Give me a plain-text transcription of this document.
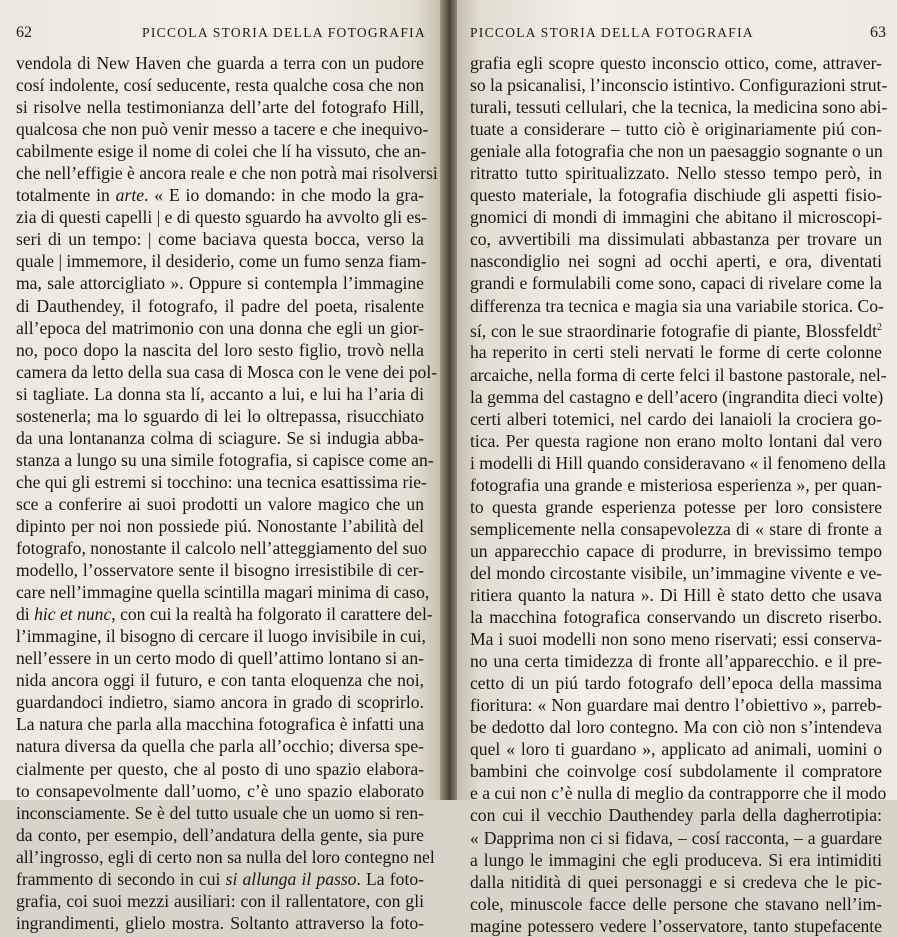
62	PICCOLA STORIA DELLA FOTOGRAFIA
vendola di New Haven che guarda a terra con un pudore
cosí indolente, cosí seducente, resta qualche cosa che non
si risolve nella testimonianza dell’arte del fotografo Hill,
qualcosa che non può venir messo a tacere e che inequivo-
cabilmente esige il nome di colei che lí ha vissuto, che an-
che nell’effigie è ancora reale e che non potrà mai risolversi
totalmente in arte. « E io domando: in che modo la gra-
zia di questi capelli | e di questo sguardo ha avvolto gli es-
seri di un tempo: | come baciava questa bocca, verso la
quale | immemore, il desiderio, come un fumo senza fiam-
ma, sale attorcigliato ». Oppure si contempla l’immagine
di Dauthendey, il fotografo, il padre del poeta, risalente
all’epoca del matrimonio con una donna che egli un gior-
no, poco dopo la nascita del loro sesto figlio, trovò nella
camera da letto della sua casa di Mosca con le vene dei pol-
si tagliate. La donna sta lí, accanto a lui, e lui ha l’aria di
sostenerla; ma lo sguardo di lei lo oltrepassa, risucchiato
da una lontananza colma di sciagure. Se si indugia abba-
stanza a lungo su una simile fotografia, si capisce come an-
che qui gli estremi si tocchino: una tecnica esattissima rie-
sce a conferire ai suoi prodotti un valore magico che un
dipinto per noi non possiede piú. Nonostante l’abilità del
fotografo, nonostante il calcolo nell’atteggiamento del suo
modello, l’osservatore sente il bisogno irresistibile di cer-
care nell’immagine quella scintilla magari minima di caso,
di hic et nunc, con cui la realtà ha folgorato il carattere del-
l’immagine, il bisogno di cercare il luogo invisibile in cui,
nell’essere in un certo modo di quell’attimo lontano si an-
nida ancora oggi il futuro, e con tanta eloquenza che noi,
guardandoci indietro, siamo ancora in grado di scoprirlo.
La natura che parla alla macchina fotografica è infatti una
natura diversa da quella che parla all’occhio; diversa spe-
cialmente per questo, che al posto di uno spazio elabora-
to consapevolmente dall’uomo, c’è uno spazio elaborato
inconsciamente. Se è del tutto usuale che un uomo si ren-
da conto, per esempio, dell’andatura della gente, sia pure
all’ingrosso, egli di certo non sa nulla del loro contegno nel
frammento di secondo in cui si allunga il passo. La foto-
grafia, coi suoi mezzi ausiliari: con il rallentatore, con gli
ingrandimenti, glielo mostra. Soltanto attraverso la foto-
PICCOLA STORIA DELLA FOTOGRAFIA	63
grafia egli scopre questo inconscio ottico, come, attraver-
so la psicanalisi, l’inconscio istintivo. Configurazioni strut-
turali, tessuti cellulari, che la tecnica, la medicina sono abi-
tuate a considerare – tutto ciò è originariamente piú con-
geniale alla fotografia che non un paesaggio sognante o un
ritratto tutto spiritualizzato. Nello stesso tempo però, in
questo materiale, la fotografia dischiude gli aspetti fisio-
gnomici di mondi di immagini che abitano il microscopi-
co, avvertibili ma dissimulati abbastanza per trovare un
nascondiglio nei sogni ad occhi aperti, e ora, diventati
grandi e formulabili come sono, capaci di rivelare come la
differenza tra tecnica e magia sia una variabile storica. Co-
sí, con le sue straordinarie fotografie di piante, Blossfeldt$^2$
ha reperito in certi steli nervati le forme di certe colonne
arcaiche, nella forma di certe felci il bastone pastorale, nel-
la gemma del castagno e dell’acero (ingrandita dieci volte)
certi alberi totemici, nel cardo dei lanaioli la crociera go-
tica. Per questa ragione non erano molto lontani dal vero
i modelli di Hill quando consideravano « il fenomeno della
fotografia una grande e misteriosa esperienza », per quan-
to questa grande esperienza potesse per loro consistere
semplicemente nella consapevolezza di « stare di fronte a
un apparecchio capace di produrre, in brevissimo tempo
del mondo circostante visibile, un’immagine vivente e ve-
ritiera quanto la natura ». Di Hill è stato detto che usava
la macchina fotografica conservando un discreto riserbo.
Ma i suoi modelli non sono meno riservati; essi conserva-
no una certa timidezza di fronte all’apparecchio. e il pre-
cetto di un piú tardo fotografo dell’epoca della massima
fioritura: « Non guardare mai dentro l’obiettivo », parreb-
be dedotto dal loro contegno. Ma con ciò non s’intendeva
quel « loro ti guardano », applicato ad animali, uomini o
bambini che coinvolge cosí subdolamente il compratore
e a cui non c’è nulla di meglio da contrapporre che il modo
con cui il vecchio Dauthendey parla della dagherrotipia:
« Dapprima non ci si fidava, – cosí racconta, – a guardare
a lungo le immagini che egli produceva. Si era intimiditi
dalla nitidità di quei personaggi e si credeva che le pic-
cole, minuscole facce delle persone che stavano nell’im-
magine potessero vedere l’osservatore, tanto stupefacente
